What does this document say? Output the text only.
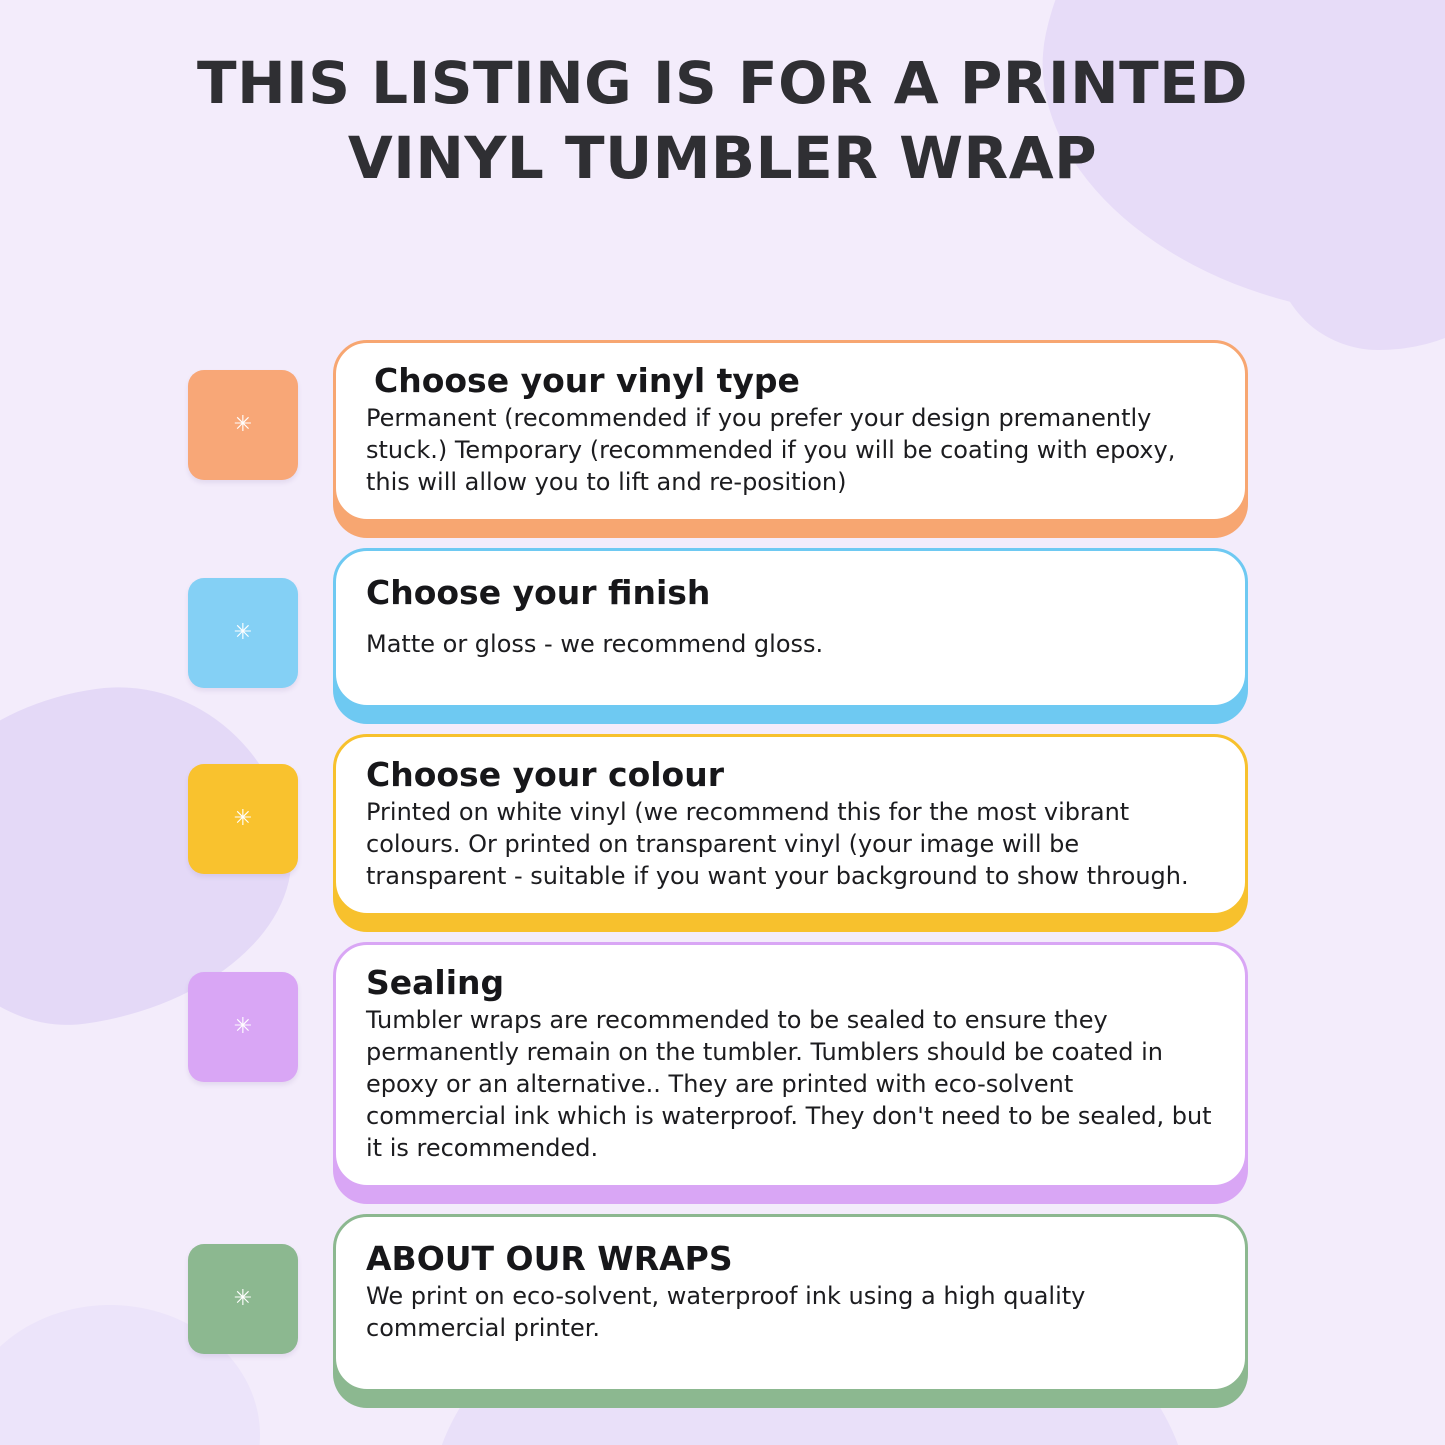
THIS LISTING IS FOR A PRINTED VINYL TUMBLER WRAP
✳
Choose your vinyl type

Permanent (recommended if you prefer your design premanently stuck.) Temporary (recommended if you will be coating with epoxy, this will allow you to lift and re-position)

✳
Choose your finish

Matte or gloss - we recommend gloss.

✳
Choose your colour

Printed on white vinyl (we recommend this for the most vibrant colours. Or printed on transparent vinyl (your image will be transparent - suitable if you want your background to show through.

✳
Sealing

Tumbler wraps are recommended to be sealed to ensure they permanently remain on the tumbler. Tumblers should be coated in epoxy or an alternative.. They are printed with eco-solvent commercial ink which is waterproof. They don't need to be sealed, but it is recommended.

✳
ABOUT OUR WRAPS

We print on eco-solvent, waterproof ink using a high quality commercial printer.
